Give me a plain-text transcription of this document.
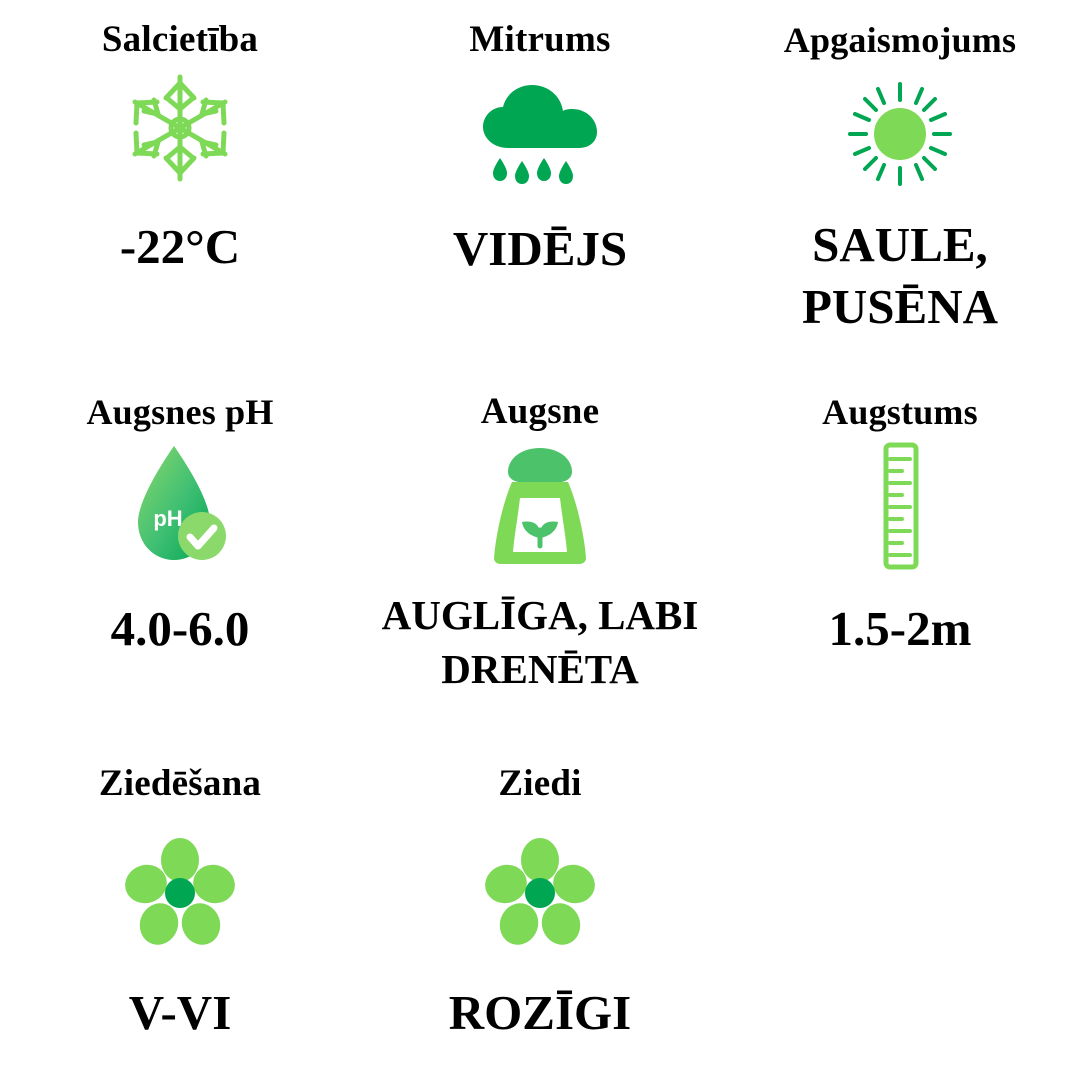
Salcietība
-22°C
Mitrums
VIDĒJS
Apgaismojums
SAULE, PUSĒNA
Augsnes pH
pH
4.0-6.0
Augsne
AUGLĪGA, LABI DRENĒTA
Augstums
1.5-2m
Ziedēšana
V-VI
Ziedi
ROZĪGI
